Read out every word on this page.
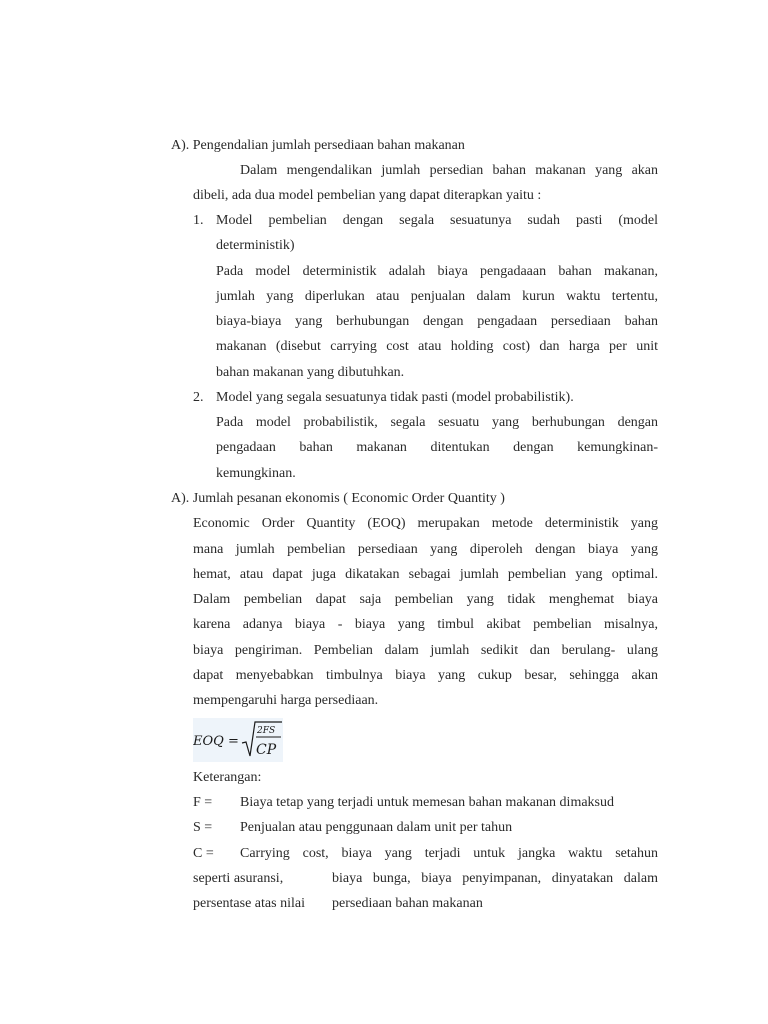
A). Pengendalian jumlah persediaan bahan makanan
Dalam mengendalikan jumlah persedian bahan makanan yang akan
dibeli, ada dua model pembelian yang dapat diterapkan yaitu :
1. Model pembelian dengan segala sesuatunya sudah pasti (model
deterministik)
Pada model deterministik adalah biaya pengadaaan bahan makanan,
jumlah yang diperlukan atau penjualan dalam kurun waktu tertentu,
biaya-biaya yang berhubungan dengan pengadaan persediaan bahan
makanan (disebut carrying cost atau holding cost) dan harga per unit
bahan makanan yang dibutuhkan.
2. Model yang segala sesuatunya tidak pasti (model probabilistik).
Pada model probabilistik, segala sesuatu yang berhubungan dengan
pengadaan bahan makanan ditentukan dengan kemungkinan-
kemungkinan.
A). Jumlah pesanan ekonomis ( Economic Order Quantity )
Economic Order Quantity (EOQ) merupakan metode deterministik yang
mana jumlah pembelian persediaan yang diperoleh dengan biaya yang
hemat, atau dapat juga dikatakan sebagai jumlah pembelian yang optimal.
Dalam pembelian dapat saja pembelian yang tidak menghemat biaya
karena adanya biaya - biaya yang timbul akibat pembelian misalnya,
biaya pengiriman. Pembelian dalam jumlah sedikit dan berulang- ulang
dapat menyebabkan timbulnya biaya yang cukup besar, sehingga akan
mempengaruhi harga persediaan.
EOQ =
2FS
CP
Keterangan:
F = Biaya tetap yang terjadi untuk memesan bahan makanan dimaksud
S = Penjualan atau penggunaan dalam unit per tahun
C = Carrying cost, biaya yang terjadi untuk jangka waktu setahun
seperti asuransi,	biaya bunga, biaya penyimpanan, dinyatakan dalam
persentase atas nilai persediaan bahan makanan
